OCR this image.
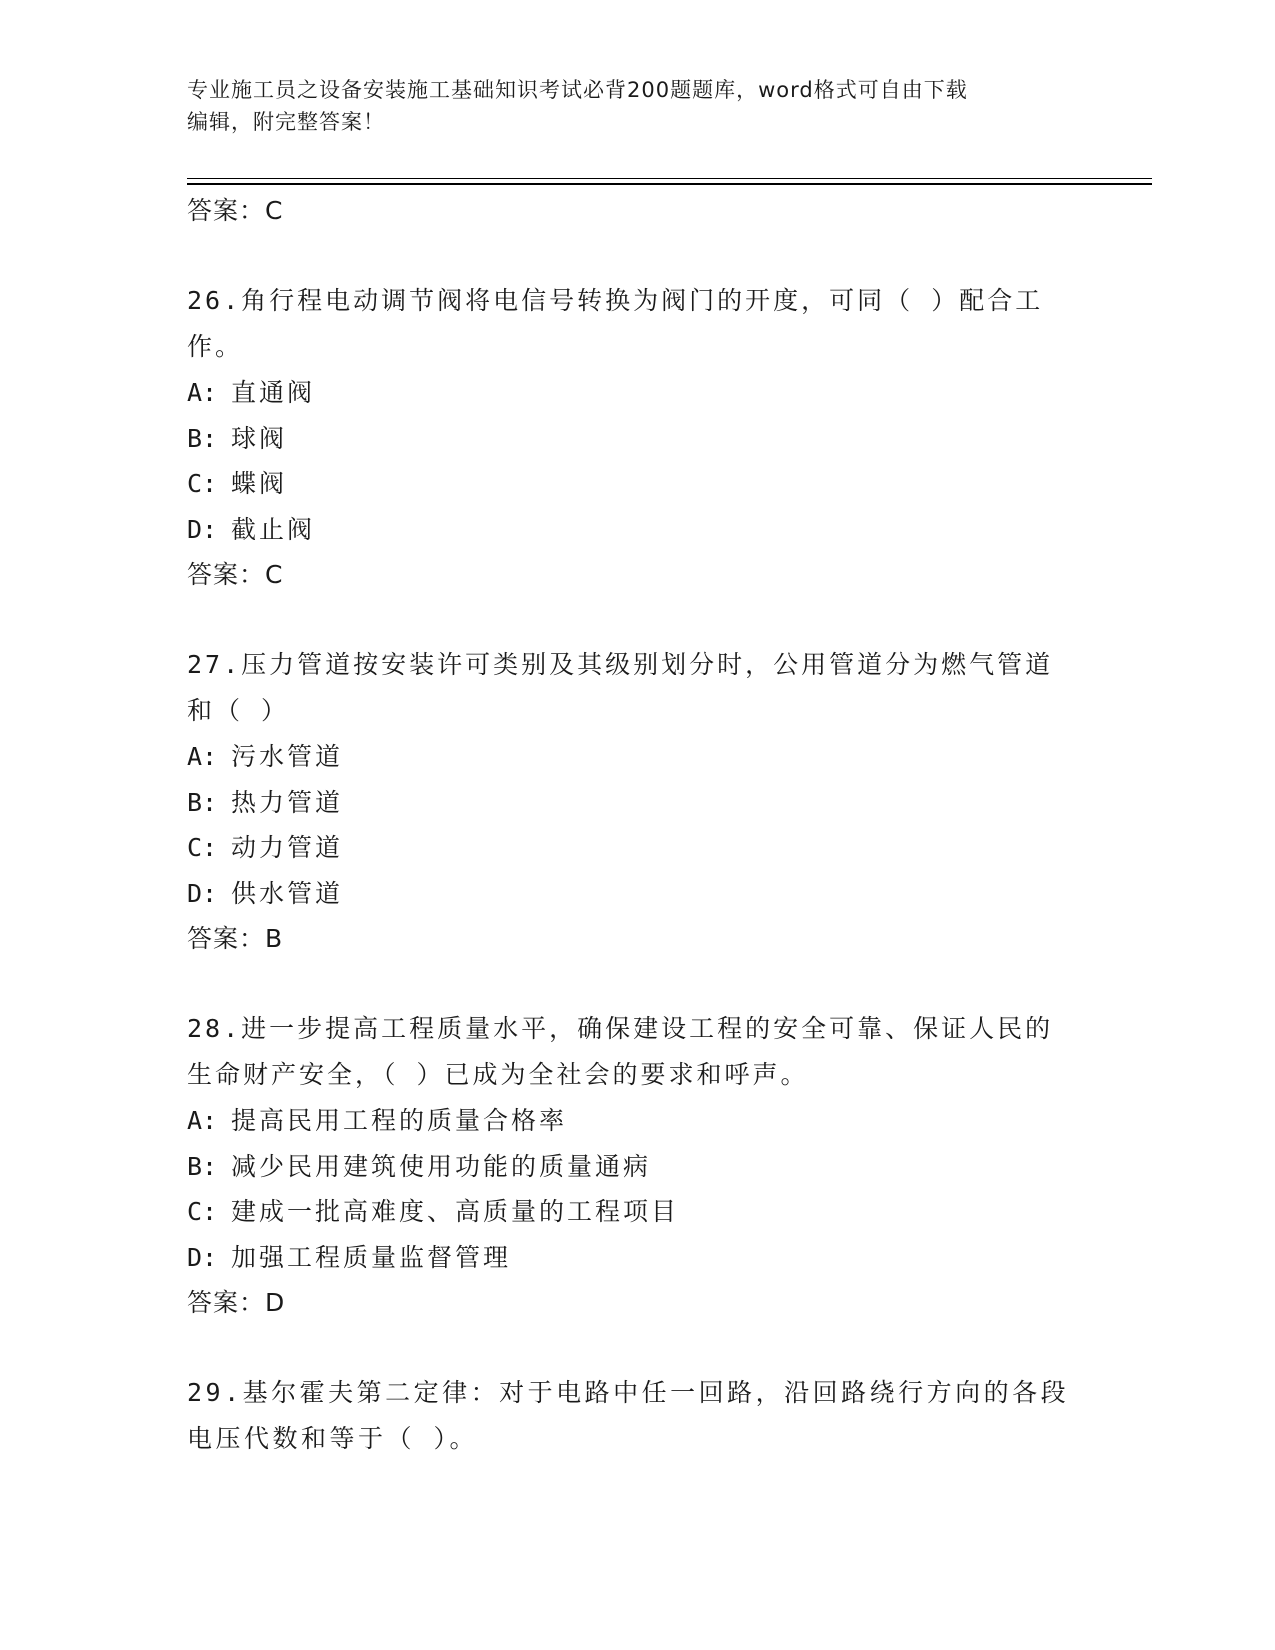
专业施工员之设备安装施工基础知识考试必背200题题库，word格式可自由下载
编辑，附完整答案！
答案：C
26.角行程电动调节阀将电信号转换为阀门的开度，可同（ ）配合工
作。
A: 直通阀
B: 球阀
C: 蝶阀
D: 截止阀
答案：C
27.压力管道按安装许可类别及其级别划分时，公用管道分为燃气管道
和（ ）
A: 污水管道
B: 热力管道
C: 动力管道
D: 供水管道
答案：B
28.进一步提高工程质量水平，确保建设工程的安全可靠、保证人民的
生命财产安全，（ ）已成为全社会的要求和呼声。
A: 提高民用工程的质量合格率
B: 减少民用建筑使用功能的质量通病
C: 建成一批高难度、高质量的工程项目
D: 加强工程质量监督管理
答案：D
29.基尔霍夫第二定律：对于电路中任一回路，沿回路绕行方向的各段
电压代数和等于（ ）。
